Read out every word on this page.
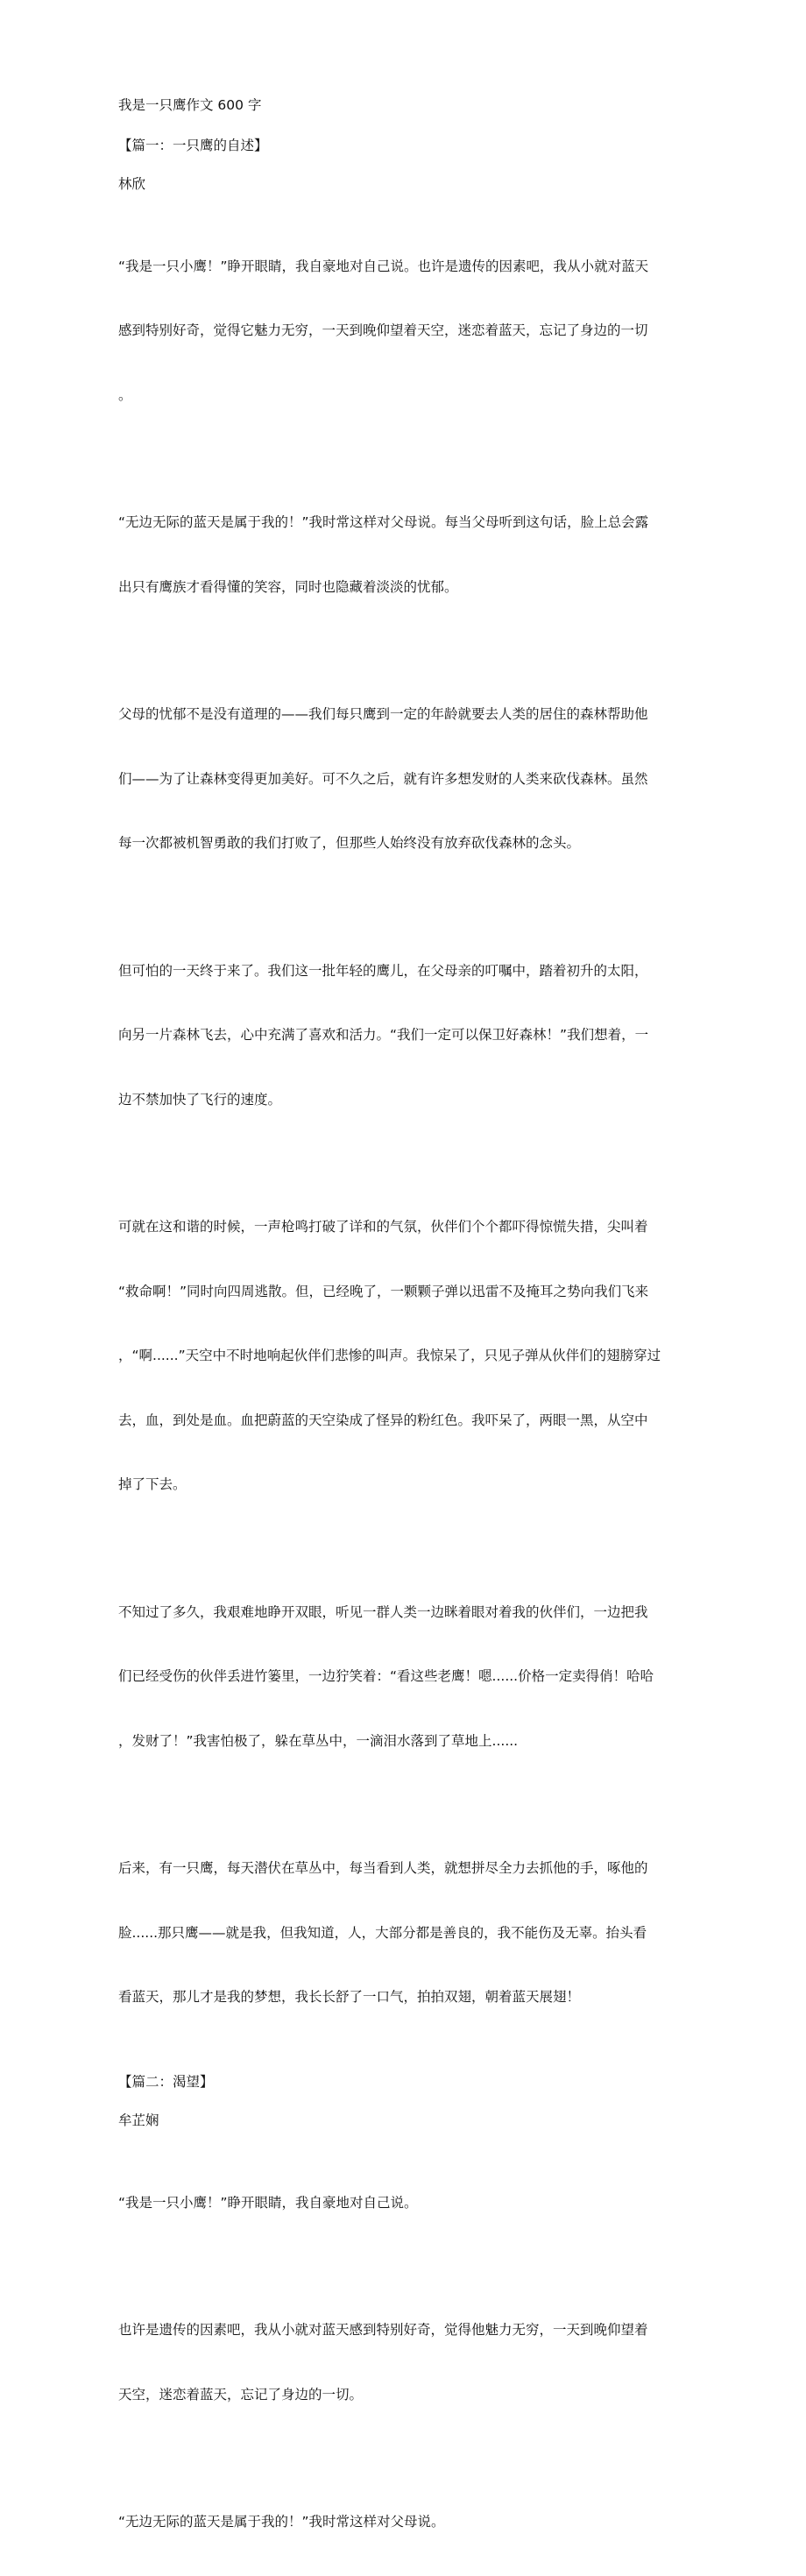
我是一只鹰作文 600 字
【篇一：一只鹰的自述】
林欣

“我是一只小鹰！”睁开眼睛，我自豪地对自己说。也许是遗传的因素吧，我从小就对蓝天

感到特别好奇，觉得它魅力无穷，一天到晚仰望着天空，迷恋着蓝天，忘记了身边的一切

。

“无边无际的蓝天是属于我的！”我时常这样对父母说。每当父母听到这句话，脸上总会露

出只有鹰族才看得懂的笑容，同时也隐藏着淡淡的忧郁。

父母的忧郁不是没有道理的——我们每只鹰到一定的年龄就要去人类的居住的森林帮助他

们——为了让森林变得更加美好。可不久之后，就有许多想发财的人类来砍伐森林。虽然

每一次都被机智勇敢的我们打败了，但那些人始终没有放弃砍伐森林的念头。

但可怕的一天终于来了。我们这一批年轻的鹰儿，在父母亲的叮嘱中，踏着初升的太阳，

向另一片森林飞去，心中充满了喜欢和活力。“我们一定可以保卫好森林！”我们想着，一

边不禁加快了飞行的速度。

可就在这和谐的时候，一声枪鸣打破了详和的气氛，伙伴们个个都吓得惊慌失措，尖叫着

“救命啊！”同时向四周逃散。但，已经晚了，一颗颗子弹以迅雷不及掩耳之势向我们飞来

，“啊......”天空中不时地响起伙伴们悲惨的叫声。我惊呆了，只见子弹从伙伴们的翅膀穿过

去，血，到处是血。血把蔚蓝的天空染成了怪异的粉红色。我吓呆了，两眼一黑，从空中

掉了下去。

不知过了多久，我艰难地睁开双眼，听见一群人类一边眯着眼对着我的伙伴们，一边把我

们已经受伤的伙伴丢进竹篓里，一边狞笑着：“看这些老鹰！嗯......价格一定卖得俏！哈哈

，发财了！”我害怕极了，躲在草丛中，一滴泪水落到了草地上......

后来，有一只鹰，每天潜伏在草丛中，每当看到人类，就想拼尽全力去抓他的手，啄他的

脸......那只鹰——就是我，但我知道，人，大部分都是善良的，我不能伤及无辜。抬头看

看蓝天，那儿才是我的梦想，我长长舒了一口气，拍拍双翅，朝着蓝天展翅！

【篇二：渴望】
牟芷娴

“我是一只小鹰！”睁开眼睛，我自豪地对自己说。

也许是遗传的因素吧，我从小就对蓝天感到特别好奇，觉得他魅力无穷，一天到晚仰望着

天空，迷恋着蓝天，忘记了身边的一切。

“无边无际的蓝天是属于我的！”我时常这样对父母说。
